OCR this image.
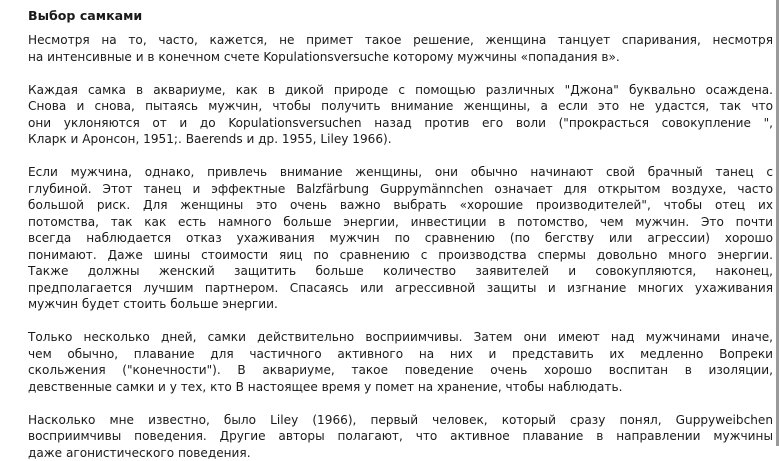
Выбор самками
Несмотря на то, часто, кажется, не примет такое решение, женщина танцует спаривания, несмотря
на интенсивные и в конечном счете Kopulationsversuche которому мужчины «попадания в».
Каждая самка в аквариуме, как в дикой природе с помощью различных "Джона" буквально осаждена.
Снова и снова, пытаясь мужчин, чтобы получить внимание женщины, а если это не удастся, так что
они уклоняются от и до Kopulationsversuchen назад против его воли ("прокрасться совокупление ",
Кларк и Аронсон, 1951;. Baerends и др. 1955, Liley 1966).
Если мужчина, однако, привлечь внимание женщины, они обычно начинают свой брачный танец с
глубиной. Этот танец и эффектные Balzfärbung Guppymännchen означает для открытом воздухе, часто
большой риск. Для женщины это очень важно выбрать «хорошие производителей", чтобы отец их
потомства, так как есть намного больше энергии, инвестиции в потомство, чем мужчин. Это почти
всегда наблюдается отказ ухаживания мужчин по сравнению (по бегству или агрессии) хорошо
понимают. Даже шины стоимости яиц по сравнению с производства спермы довольно много энергии.
Также должны женский защитить больше количество заявителей и совокупляются, наконец,
предполагается лучшим партнером. Спасаясь или агрессивной защиты и изгнание многих ухаживания
мужчин будет стоить больше энергии.
Только несколько дней, самки действительно восприимчивы. Затем они имеют над мужчинами иначе,
чем обычно, плавание для частичного активного на них и представить их медленно Вопреки
скольжения ("конечности"). В аквариуме, такое поведение очень хорошо воспитан в изоляции,
девственные самки и у тех, кто В настоящее время у помет на хранение, чтобы наблюдать.
Насколько мне известно, было Liley (1966), первый человек, который сразу понял, Guppyweibchen
восприимчивы поведения. Другие авторы полагают, что активное плавание в направлении мужчины
даже агонистического поведения.
